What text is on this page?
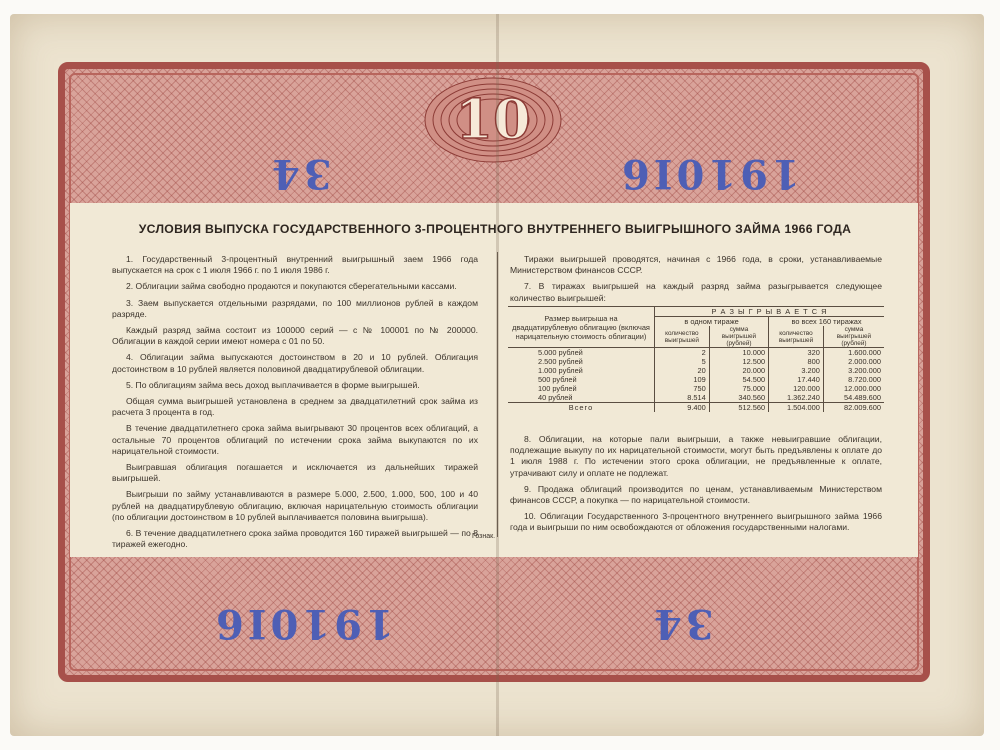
10
34	1910I6
1910I6	34
УСЛОВИЯ ВЫПУСКА ГОСУДАРСТВЕННОГО 3-ПРОЦЕНТНОГО ВНУТРЕННЕГО ВЫИГРЫШНОГО ЗАЙМА 1966 ГОДА

1. Государственный 3-процентный внутренний выигрышный заем 1966 года выпускается на срок с 1 июля 1966 г. по 1 июля 1986 г.

2. Облигации займа свободно продаются и покупаются сберегательными кассами.

3. Заем выпускается отдельными разрядами, по 100 миллионов рублей в каждом разряде.

Каждый разряд займа состоит из 100000 серий — с № 100001 по № 200000. Облигации в каждой серии имеют номера с 01 по 50.

4. Облигации займа выпускаются достоинством в 20 и 10 рублей. Облигация достоинством в 10 рублей является половиной двадцатирублевой облигации.

5. По облигациям займа весь доход выплачивается в форме выигрышей.

Общая сумма выигрышей установлена в среднем за двадцатилетний срок займа из расчета 3 процента в год.

В течение двадцатилетнего срока займа выигрывают 30 процентов всех облигаций, а остальные 70 процентов облигаций по истечении срока займа выкупаются по их нарицательной стоимости.

Выигравшая облигация погашается и исключается из дальнейших тиражей выигрышей.

Выигрыши по займу устанавливаются в размере 5.000, 2.500, 1.000, 500, 100 и 40 рублей на двадцатирублевую облигацию, включая нарицательную стоимость облигации (по облигации достоинством в 10 рублей выплачивается половина выигрыша).

6. В течение двадцатилетнего срока займа проводится 160 тиражей выигрышей — по 8 тиражей ежегодно.

Тиражи выигрышей проводятся, начиная с 1966 года, в сроки, устанавливаемые Министерством финансов СССР.

7. В тиражах выигрышей на каждый разряд займа разыгрывается следующее количество выигрышей:

Размер выигрыша на двадцатирублевую облигацию (включая нарицательную стоимость облигации)	Р А З Ы Г Р Ы В А Е Т С Я			
	в одном тираже		во всех 160 тиражах	
	количество выигрышей	сумма выигрышей (рублей)	количество выигрышей	сумма выигрышей (рублей)
5.000 рублей	2	10.000	320	1.600.000
2.500 рублей	5	12.500	800	2.000.000
1.000 рублей	20	20.000	3.200	3.200.000
500 рублей	109	54.500	17.440	8.720.000
100 рублей	750	75.000	120.000	12.000.000
40 рублей	8.514	340.560	1.362.240	54.489.600
Всего	9.400	512.560	1.504.000	82.009.600

8. Облигации, на которые пали выигрыши, а также невыигравшие облигации, подлежащие выкупу по их нарицательной стоимости, могут быть предъявлены к оплате до 1 июля 1988 г. По истечении этого срока облигации, не предъявленные к оплате, утрачивают силу и оплате не подлежат.

9. Продажа облигаций производится по ценам, устанавливаемым Министерством финансов СССР, а покупка — по нарицательной стоимости.

10. Облигации Государственного 3-процентного внутреннего выигрышного займа 1966 года и выигрыши по ним освобождаются от обложения государственными налогами.

Гознак.
